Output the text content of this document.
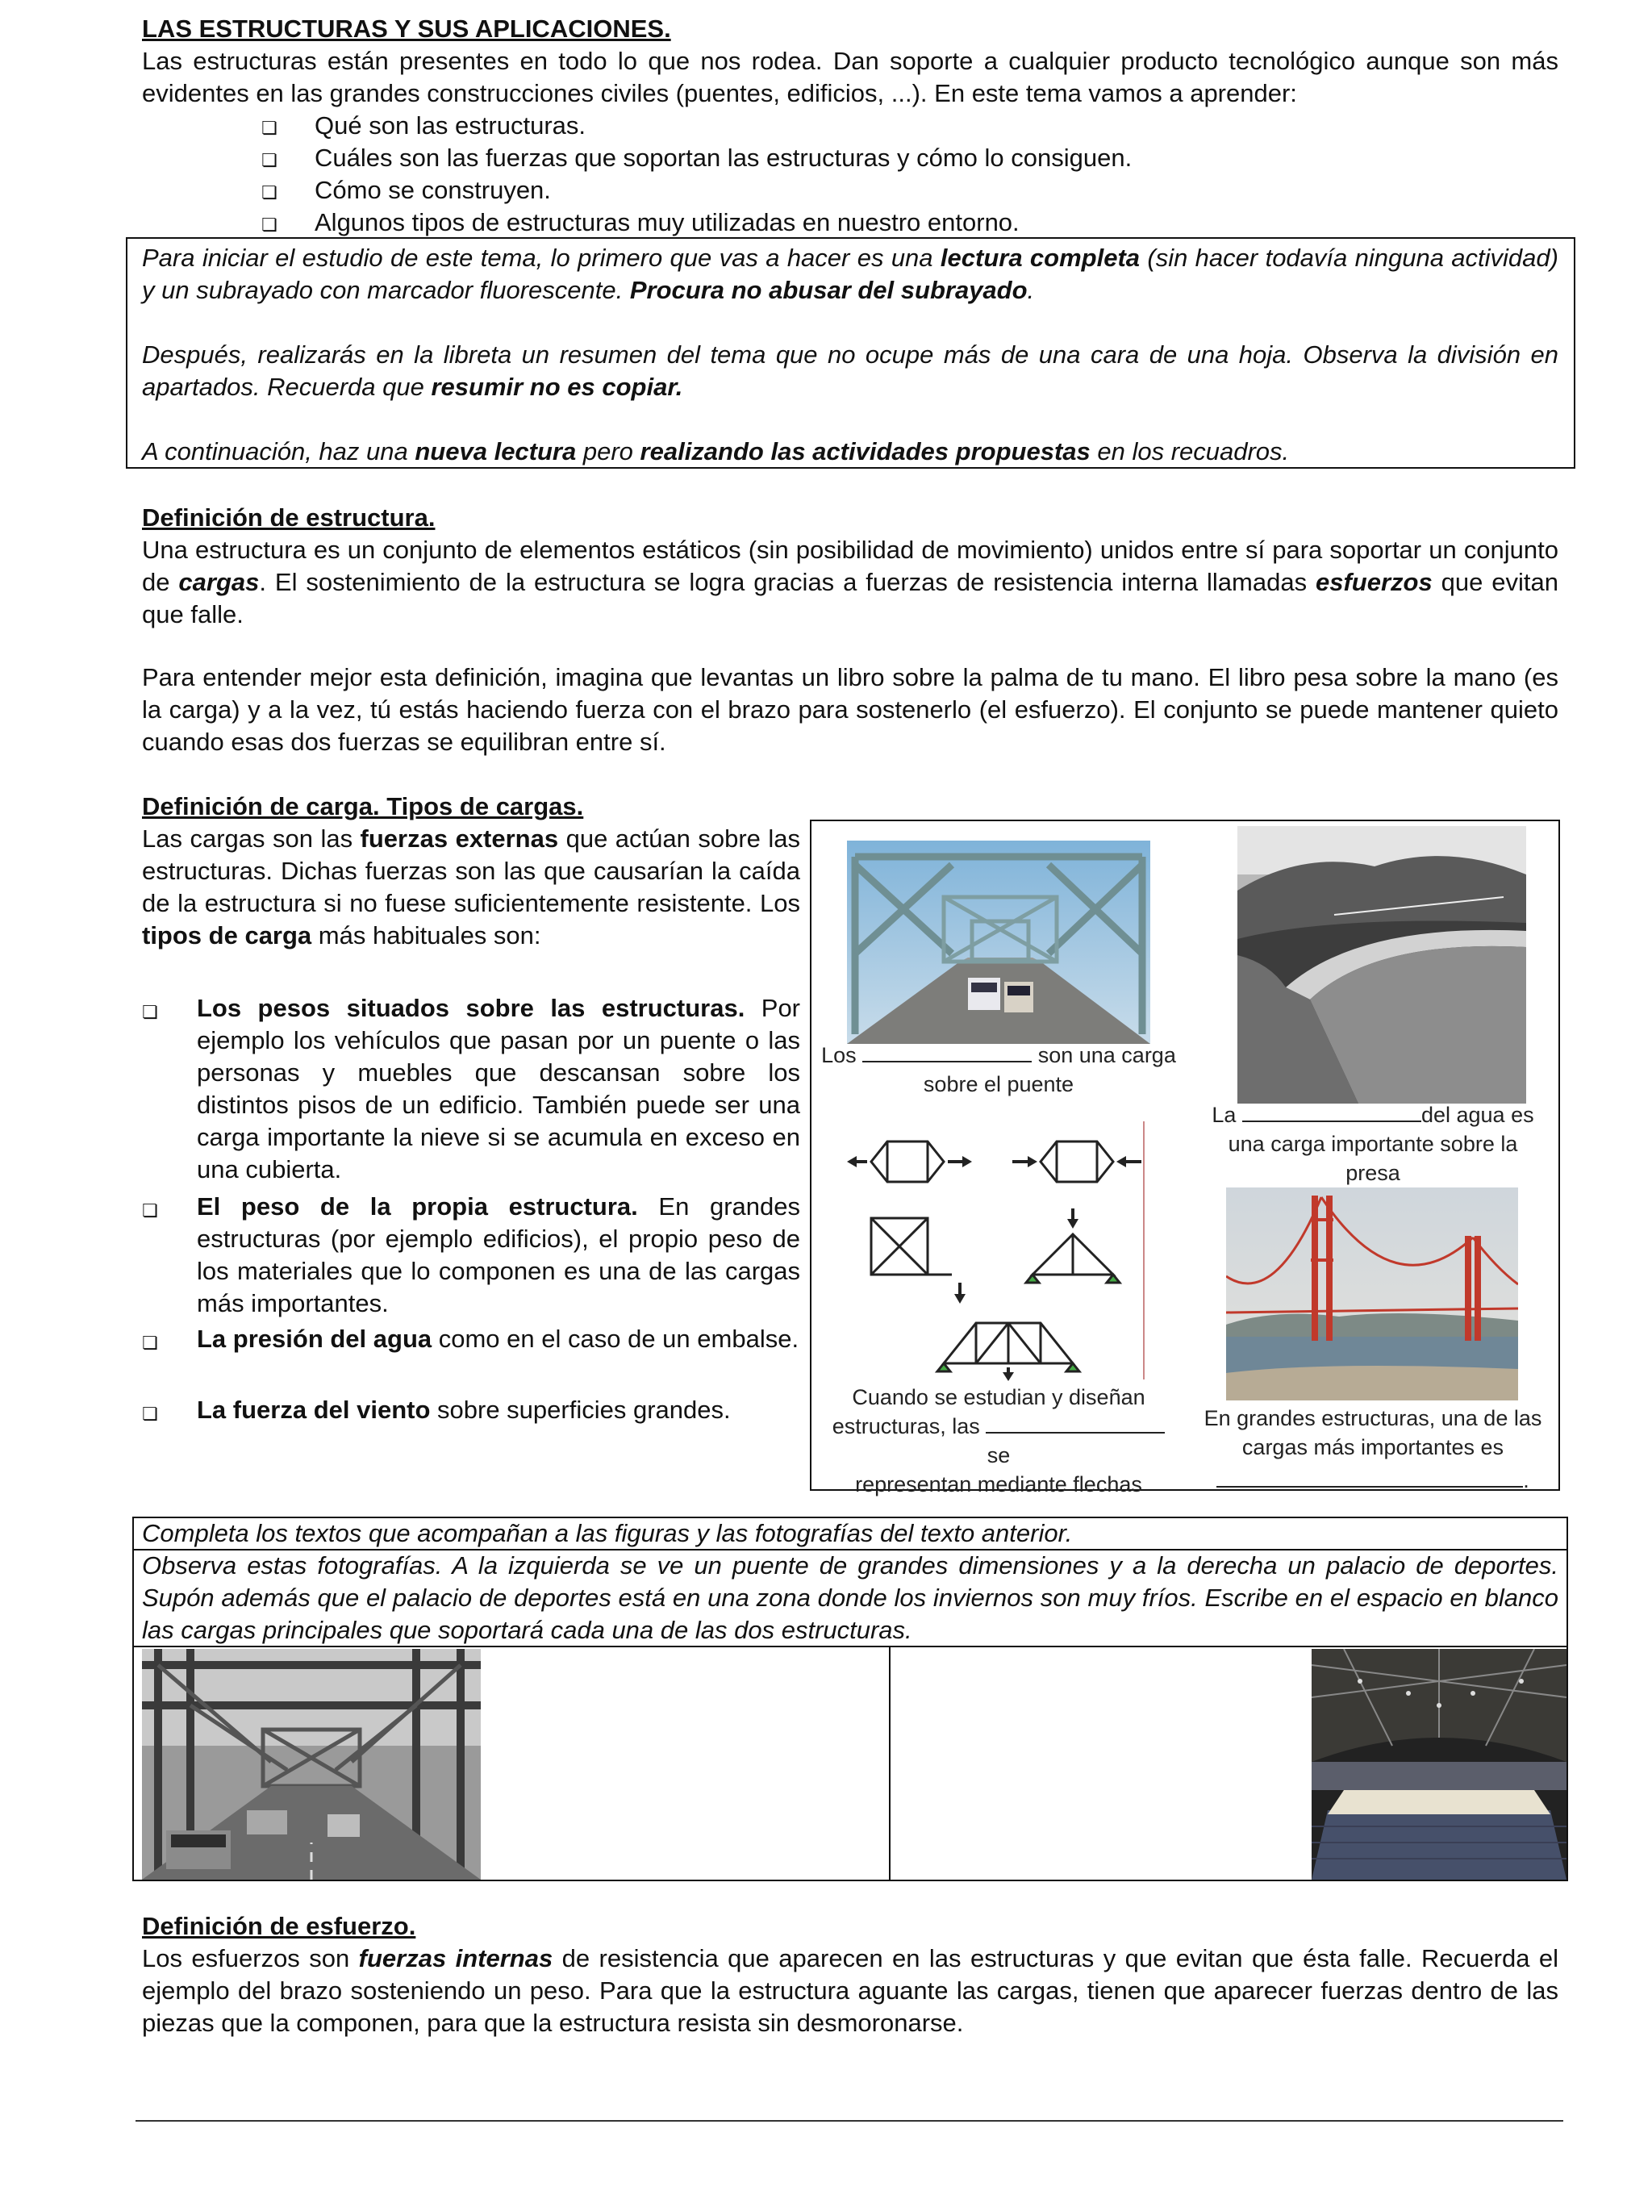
LAS ESTRUCTURAS Y SUS APLICACIONES.

Las estructuras están presentes en todo lo que nos rodea. Dan soporte a cualquier producto tecnológico aunque son más evidentes en las grandes construcciones civiles (puentes, edificios, ...). En este tema vamos a aprender:

❏ Qué son las estructuras.
❏ Cuáles son las fuerzas que soportan las estructuras y cómo lo consiguen.
❏ Cómo se construyen.
❏ Algunos tipos de estructuras muy utilizadas en nuestro entorno.

Para iniciar el estudio de este tema, lo primero que vas a hacer es una lectura completa (sin hacer todavía ninguna actividad) y un subrayado con marcador fluorescente. Procura no abusar del subrayado.

Después, realizarás en la libreta un resumen del tema que no ocupe más de una cara de una hoja. Observa la división en apartados. Recuerda que resumir no es copiar.

A continuación, haz una nueva lectura pero realizando las actividades propuestas en los recuadros.

Definición de estructura.

Una estructura es un conjunto de elementos estáticos (sin posibilidad de movimiento) unidos entre sí para soportar un conjunto de cargas. El sostenimiento de la estructura se logra gracias a fuerzas de resistencia interna llamadas esfuerzos que evitan que falle.

Para entender mejor esta definición, imagina que levantas un libro sobre la palma de tu mano. El libro pesa sobre la mano (es la carga) y a la vez, tú estás haciendo fuerza con el brazo para sostenerlo (el esfuerzo). El conjunto se puede mantener quieto cuando esas dos fuerzas se equilibran entre sí.

Definición de carga. Tipos de cargas.

Las cargas son las fuerzas externas que actúan sobre las estructuras. Dichas fuerzas son las que causarían la caída de la estructura si no fuese suficientemente resistente. Los tipos de carga más habituales son:

❏ Los pesos situados sobre las estructuras. Por ejemplo los vehículos que pasan por un puente o las personas y muebles que descansan sobre los distintos pisos de un edificio. También puede ser una carga importante la nieve si se acumula en exceso en una cubierta.

❏ El peso de la propia estructura. En grandes estructuras (por ejemplo edificios), el propio peso de los materiales que lo componen es una de las cargas más importantes.

❏ La presión del agua como en el caso de un embalse.

❏ La fuerza del viento sobre superficies grandes.

Los	son una carga
sobre el puente
La	del agua es
una carga importante sobre la presa
Cuando se estudian y diseñan
estructuras, las se
representan mediante flechas
En grandes estructuras, una de las
cargas más importantes es
.

Completa los textos que acompañan a las figuras y las fotografías del texto anterior.

Observa estas fotografías. A la izquierda se ve un puente de grandes dimensiones y a la derecha un palacio de deportes. Supón además que el palacio de deportes está en una zona donde los inviernos son muy fríos. Escribe en el espacio en blanco las cargas principales que soportará cada una de las dos estructuras.

Definición de esfuerzo.

Los esfuerzos son fuerzas internas de resistencia que aparecen en las estructuras y que evitan que ésta falle. Recuerda el ejemplo del brazo sosteniendo un peso. Para que la estructura aguante las cargas, tienen que aparecer fuerzas dentro de las piezas que la componen, para que la estructura resista sin desmoronarse.
